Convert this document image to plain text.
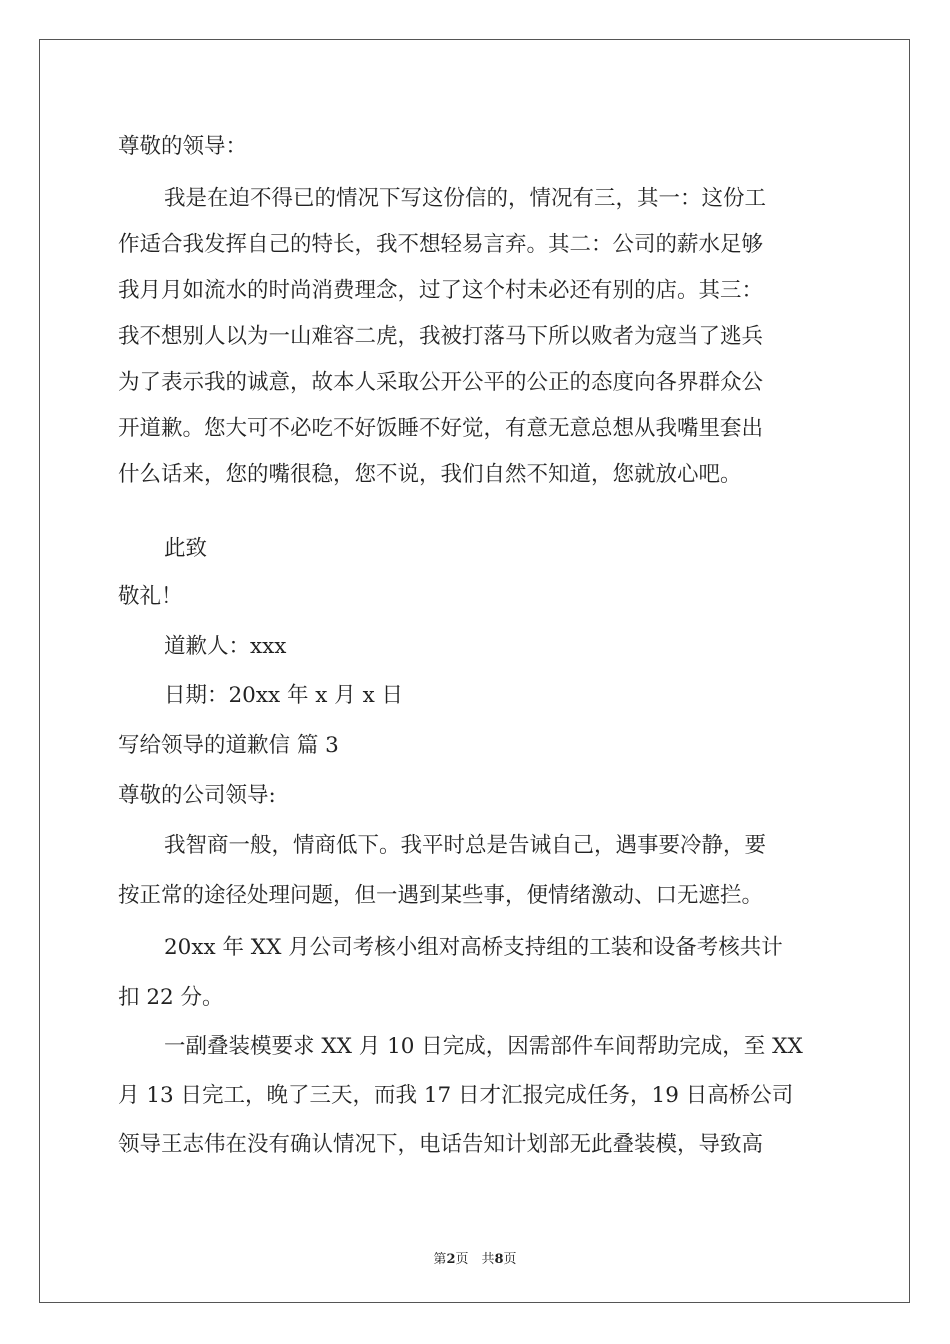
尊敬的领导：

我是在迫不得已的情况下写这份信的，情况有三，其一：这份工

作适合我发挥自己的特长，我不想轻易言弃。其二：公司的薪水足够

我月月如流水的时尚消费理念，过了这个村未必还有别的店。其三：

我不想别人以为一山难容二虎，我被打落马下所以败者为寇当了逃兵

为了表示我的诚意，故本人采取公开公平的公正的态度向各界群众公

开道歉。您大可不必吃不好饭睡不好觉，有意无意总想从我嘴里套出

什么话来，您的嘴很稳，您不说，我们自然不知道，您就放心吧。

此致

敬礼！

道歉人：xxx

日期：20xx 年 x 月 x 日

写给领导的道歉信 篇 3

尊敬的公司领导:

我智商一般，情商低下。我平时总是告诫自己，遇事要冷静，要

按正常的途径处理问题，但一遇到某些事，便情绪激动、口无遮拦。

20xx 年 XX 月公司考核小组对高桥支持组的工装和设备考核共计

扣 22 分。

一副叠装模要求 XX 月 10 日完成，因需部件车间帮助完成，至 XX

月 13 日完工，晚了三天，而我 17 日才汇报完成任务，19 日高桥公司

领导王志伟在没有确认情况下，电话告知计划部无此叠装模，导致高

第2页　共8页
